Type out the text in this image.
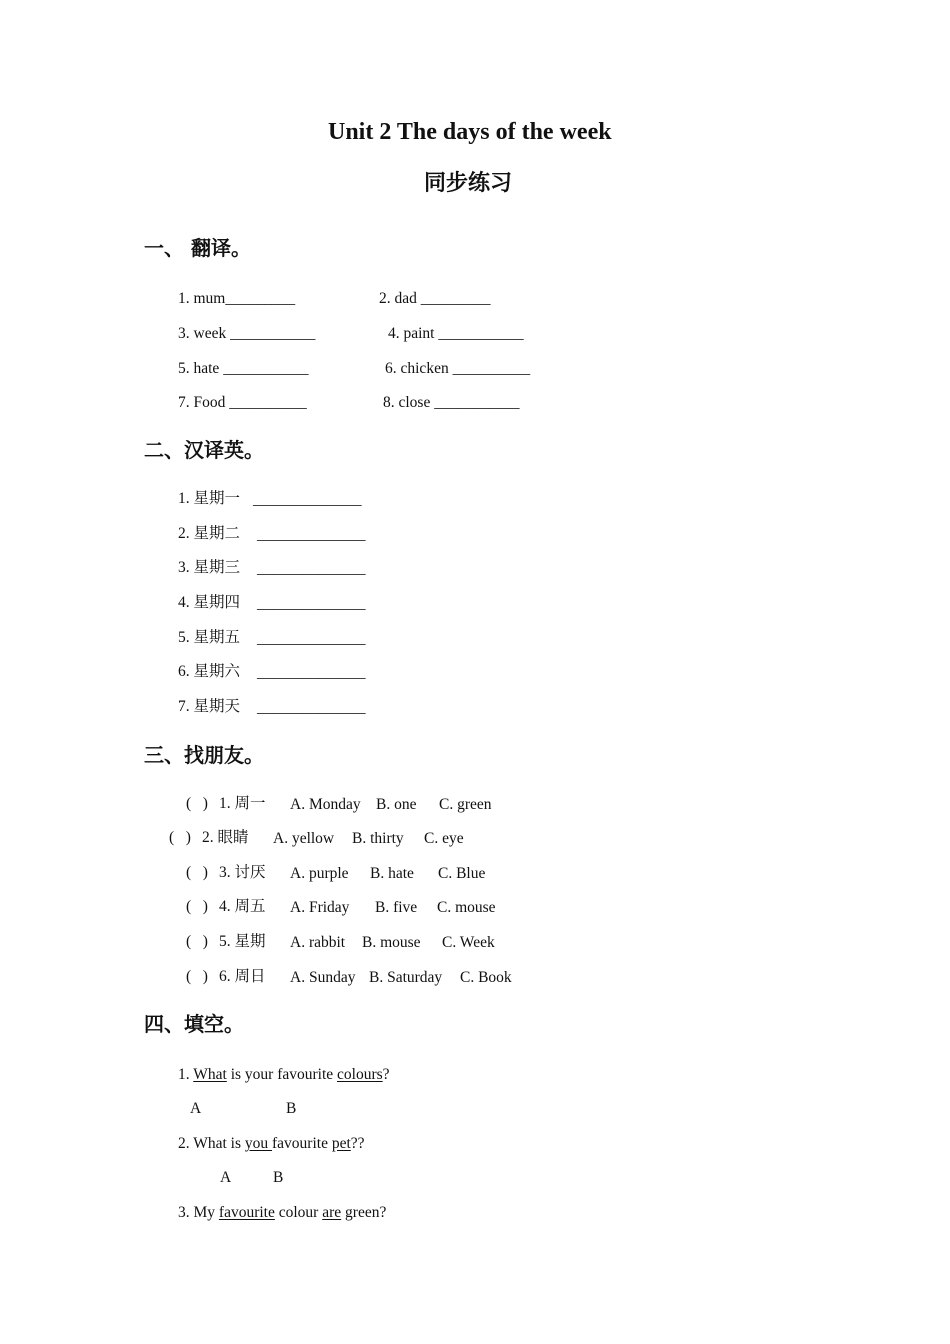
Unit 2 The days of the week
同步练习
一、 翻译。
1. mum_________	2. dad _________
3. week ___________	4. paint ___________
5. hate ___________	6. chicken __________
7. Food __________	8. close ___________
二、汉译英。
1. 星期一 ______________
2. 星期二 ______________
3. 星期三 ______________
4. 星期四 ______________
5. 星期五 ______________
6. 星期六 ______________
7. 星期天 ______________
三、找朋友。
(   ) 1. 周一 A. Monday B. one C. green
(   ) 2. 眼睛 A. yellow B. thirty C. eye
(   ) 3. 讨厌 A. purple B. hate C. Blue
(   ) 4. 周五 A. Friday B. five C. mouse
(   ) 5. 星期 A. rabbit B. mouse C. Week
(   ) 6. 周日 A. Sunday B. Saturday C. Book
四、填空。
1. What is your favourite colours?
A	B
2. What is you favourite pet??
A	B
3. My favourite colour are green?
